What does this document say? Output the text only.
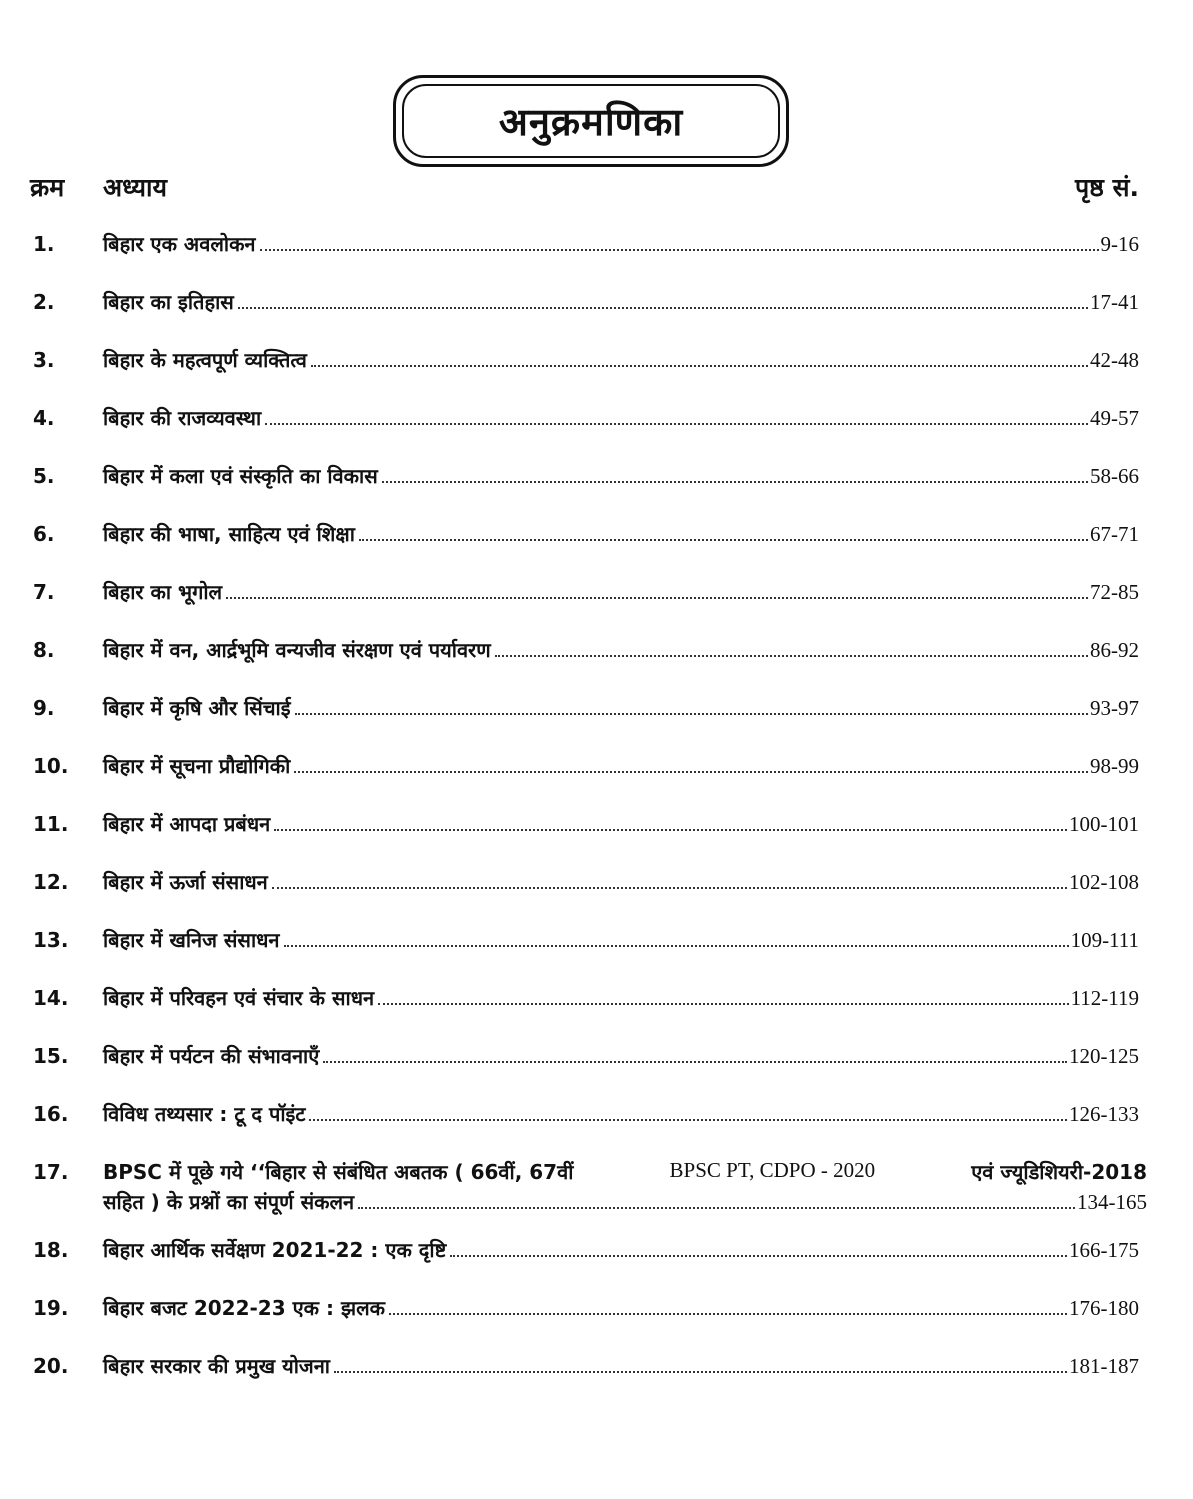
अनुक्रमणिका
क्रम अध्याय	पृष्ठ सं.
1. बिहार एक अवलोकन	9-16
2. बिहार का इतिहास	17-41
3. बिहार के महत्वपूर्ण व्यक्तित्व	42-48
4. बिहार की राजव्यवस्था	49-57
5. बिहार में कला एवं संस्कृति का विकास	58-66
6. बिहार की भाषा, साहित्य एवं शिक्षा	67-71
7. बिहार का भूगोल	72-85
8. बिहार में वन, आर्द्रभूमि वन्यजीव संरक्षण एवं पर्यावरण	86-92
9. बिहार में कृषि और सिंचाई	93-97
10. बिहार में सूचना प्रौद्योगिकी	98-99
11. बिहार में आपदा प्रबंधन	100-101
12. बिहार में ऊर्जा संसाधन	102-108
13. बिहार में खनिज संसाधन	109-111
14. बिहार में परिवहन एवं संचार के साधन	112-119
15. बिहार में पर्यटन की संभावनाएँ	120-125
16. विविध तथ्यसार : टू द पॉइंट	126-133
17. BPSC में पूछे गये ‘‘बिहार से संबंधित अबतक ( 66वीं, 67वीं	BPSC PT, CDPO - 2020	एवं ज्यूडिशियरी-2018
सहित ) के प्रश्नों का संपूर्ण संकलन	134-165
18. बिहार आर्थिक सर्वेक्षण 2021-22 : एक दृष्टि	166-175
19. बिहार बजट 2022-23 एक : झलक	176-180
20. बिहार सरकार की प्रमुख योजना	181-187
